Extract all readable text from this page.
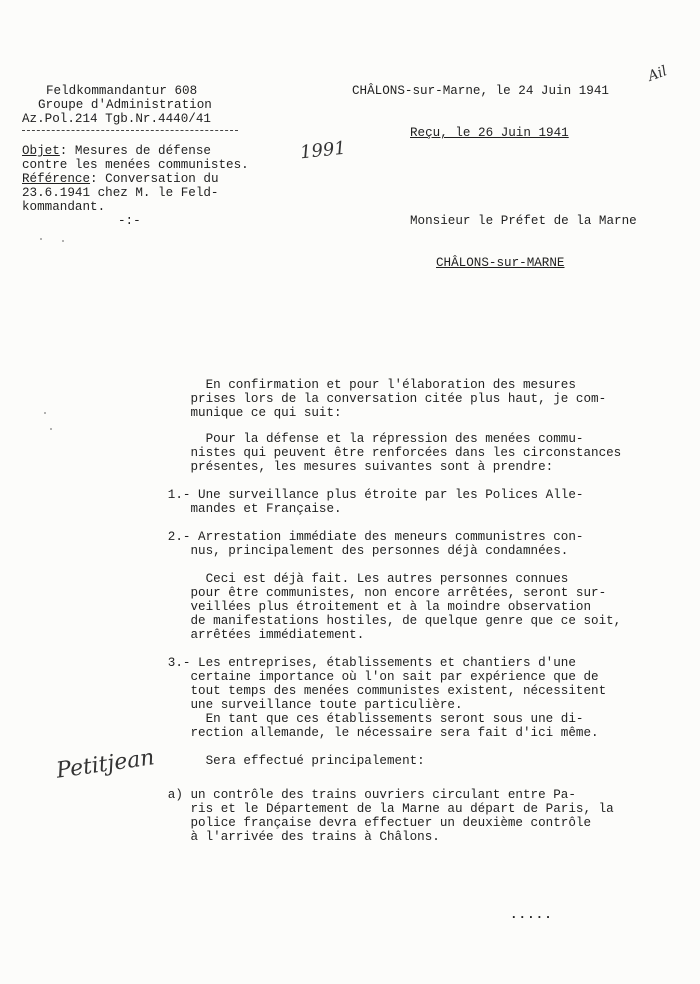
Feldkommandantur 608
Groupe d'Administration
Az.Pol.214 Tgb.Nr.4440/41
Objet: Mesures de défense
contre les menées communistes.
Référence: Conversation du
23.6.1941 chez M. le Feld-
kommandant.
-:-
1991
Ail
Petitjean
CHÂLONS-sur-Marne, le 24 Juin 1941
Reçu, le 26 Juin 1941
Monsieur le Préfet de la Marne
CHÂLONS-sur-MARNE
En confirmation et pour l'élaboration des mesures
prises lors de la conversation citée plus haut, je com-
munique ce qui suit:
Pour la défense et la répression des menées commu-
nistes qui peuvent être renforcées dans les circonstances
présentes, les mesures suivantes sont à prendre:
1.- Une surveillance plus étroite par les Polices Alle-
mandes et Française.
2.- Arrestation immédiate des meneurs communistres con-
nus, principalement des personnes déjà condamnées.
Ceci est déjà fait. Les autres personnes connues
pour être communistes, non encore arrêtées, seront sur-
veillées plus étroitement et à la moindre observation
de manifestations hostiles, de quelque genre que ce soit,
arrêtées immédiatement.
3.- Les entreprises, établissements et chantiers d'une
certaine importance où l'on sait par expérience que de
tout temps des menées communistes existent, nécessitent
une surveillance toute particulière.
En tant que ces établissements seront sous une di-
rection allemande, le nécessaire sera fait d'ici même.
Sera effectué principalement:
a) un contrôle des trains ouvriers circulant entre Pa-
ris et le Département de la Marne au départ de Paris, la
police française devra effectuer un deuxième contrôle
à l'arrivée des trains à Châlons.
.....
